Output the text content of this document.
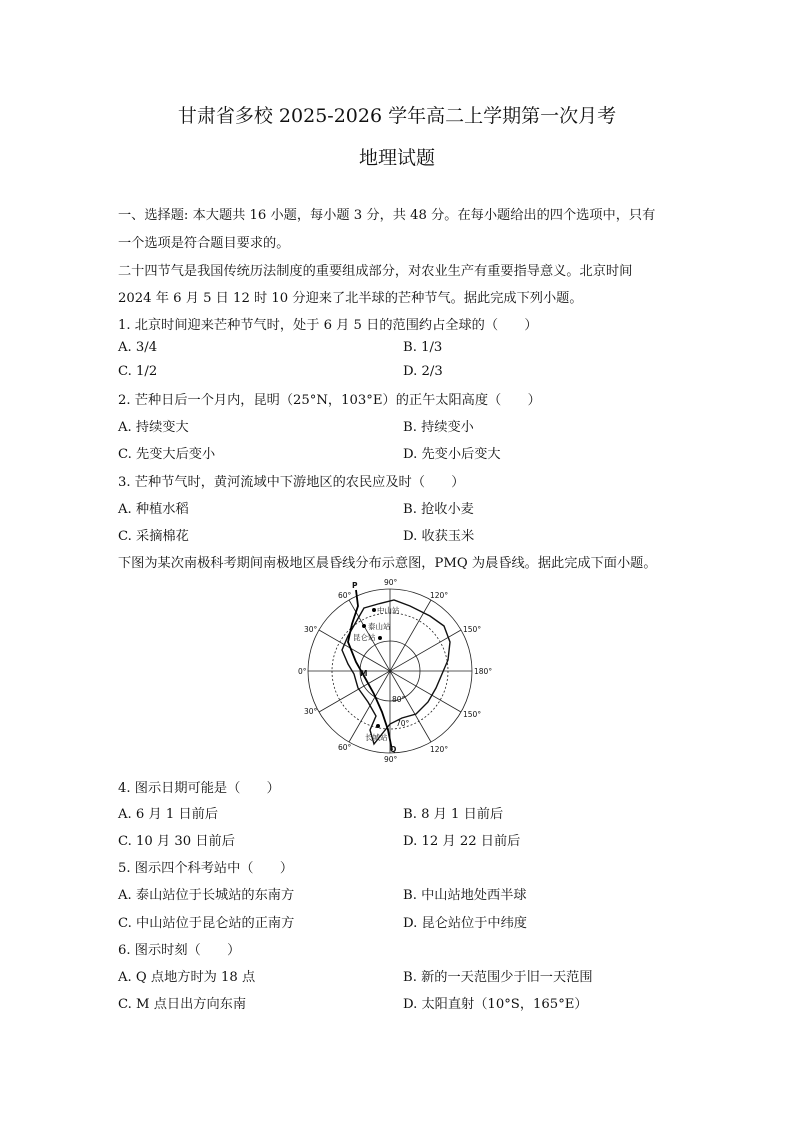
甘肃省多校 2025-2026 学年高二上学期第一次月考
地理试题
一、选择题: 本大题共 16 小题，每小题 3 分，共 48 分。在每小题给出的四个选项中，只有
一个选项是符合题目要求的。
二十四节气是我国传统历法制度的重要组成部分，对农业生产有重要指导意义。北京时间
2024 年 6 月 5 日 12 时 10 分迎来了北半球的芒种节气。据此完成下列小题。
1. 北京时间迎来芒种节气时，处于 6 月 5 日的范围约占全球的（　　）
A. 3/4	B. 1/3
C. 1/2	D. 2/3
2. 芒种日后一个月内，昆明（25°N，103°E）的正午太阳高度（　　）
A. 持续变大	B. 持续变小
C. 先变大后变小	D. 先变小后变大
3. 芒种节气时，黄河流域中下游地区的农民应及时（　　）
A. 种植水稻	B. 抢收小麦
C. 采摘棉花	D. 收获玉米
下图为某次南极科考期间南极地区晨昏线分布示意图，PMQ 为晨昏线。据此完成下面小题。
90°
120°
150°
180°
150°
120°
90°
60°
30°
0°
30°
60°
70°
80°
中山站
泰山站
昆仑站
长城站
P
M
Q
4. 图示日期可能是（　　）
A. 6 月 1 日前后	B. 8 月 1 日前后
C. 10 月 30 日前后	D. 12 月 22 日前后
5. 图示四个科考站中（　　）
A. 泰山站位于长城站的东南方	B. 中山站地处西半球
C. 中山站位于昆仑站的正南方	D. 昆仑站位于中纬度
6. 图示时刻（　　）
A. Q 点地方时为 18 点	B. 新的一天范围少于旧一天范围
C. M 点日出方向东南	D. 太阳直射（10°S，165°E）
